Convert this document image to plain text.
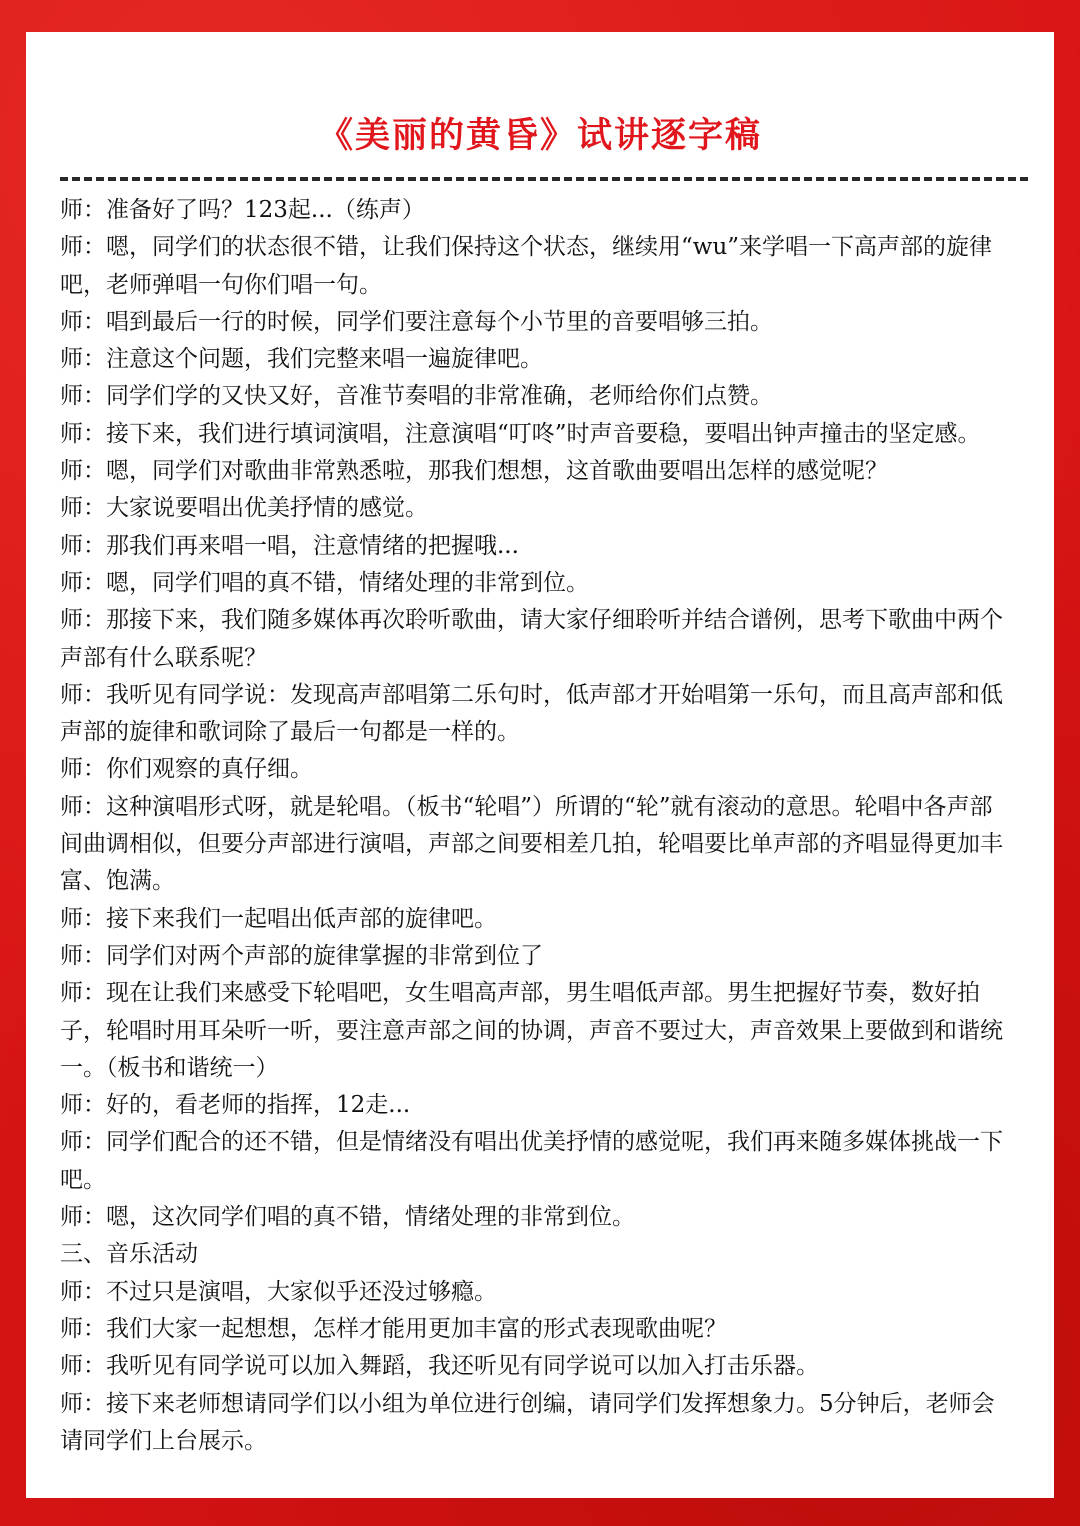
《美丽的黄昏》试讲逐字稿

师：准备好了吗？123起...（练声）

师：嗯，同学们的状态很不错，让我们保持这个状态，继续用“wu”来学唱一下高声部的旋律吧，老师弹唱一句你们唱一句。

师：唱到最后一行的时候，同学们要注意每个小节里的音要唱够三拍。

师：注意这个问题，我们完整来唱一遍旋律吧。

师：同学们学的又快又好，音准节奏唱的非常准确，老师给你们点赞。

师：接下来，我们进行填词演唱，注意演唱“叮咚”时声音要稳，要唱出钟声撞击的坚定感。

师：嗯，同学们对歌曲非常熟悉啦，那我们想想，这首歌曲要唱出怎样的感觉呢？

师：大家说要唱出优美抒情的感觉。

师：那我们再来唱一唱，注意情绪的把握哦...

师：嗯，同学们唱的真不错，情绪处理的非常到位。

师：那接下来，我们随多媒体再次聆听歌曲，请大家仔细聆听并结合谱例，思考下歌曲中两个声部有什么联系呢？

师：我听见有同学说：发现高声部唱第二乐句时，低声部才开始唱第一乐句，而且高声部和低声部的旋律和歌词除了最后一句都是一样的。

师：你们观察的真仔细。

师：这种演唱形式呀，就是轮唱。（板书“轮唱”）所谓的“轮”就有滚动的意思。轮唱中各声部间曲调相似，但要分声部进行演唱，声部之间要相差几拍，轮唱要比单声部的齐唱显得更加丰富、饱满。

师：接下来我们一起唱出低声部的旋律吧。

师：同学们对两个声部的旋律掌握的非常到位了

师：现在让我们来感受下轮唱吧，女生唱高声部，男生唱低声部。男生把握好节奏，数好拍子，轮唱时用耳朵听一听，要注意声部之间的协调，声音不要过大，声音效果上要做到和谐统一。（板书和谐统一）

师：好的，看老师的指挥，12走...

师：同学们配合的还不错，但是情绪没有唱出优美抒情的感觉呢，我们再来随多媒体挑战一下吧。

师：嗯，这次同学们唱的真不错，情绪处理的非常到位。

三、音乐活动

师：不过只是演唱，大家似乎还没过够瘾。

师：我们大家一起想想，怎样才能用更加丰富的形式表现歌曲呢？

师：我听见有同学说可以加入舞蹈，我还听见有同学说可以加入打击乐器。

师：接下来老师想请同学们以小组为单位进行创编，请同学们发挥想象力。5分钟后，老师会请同学们上台展示。
